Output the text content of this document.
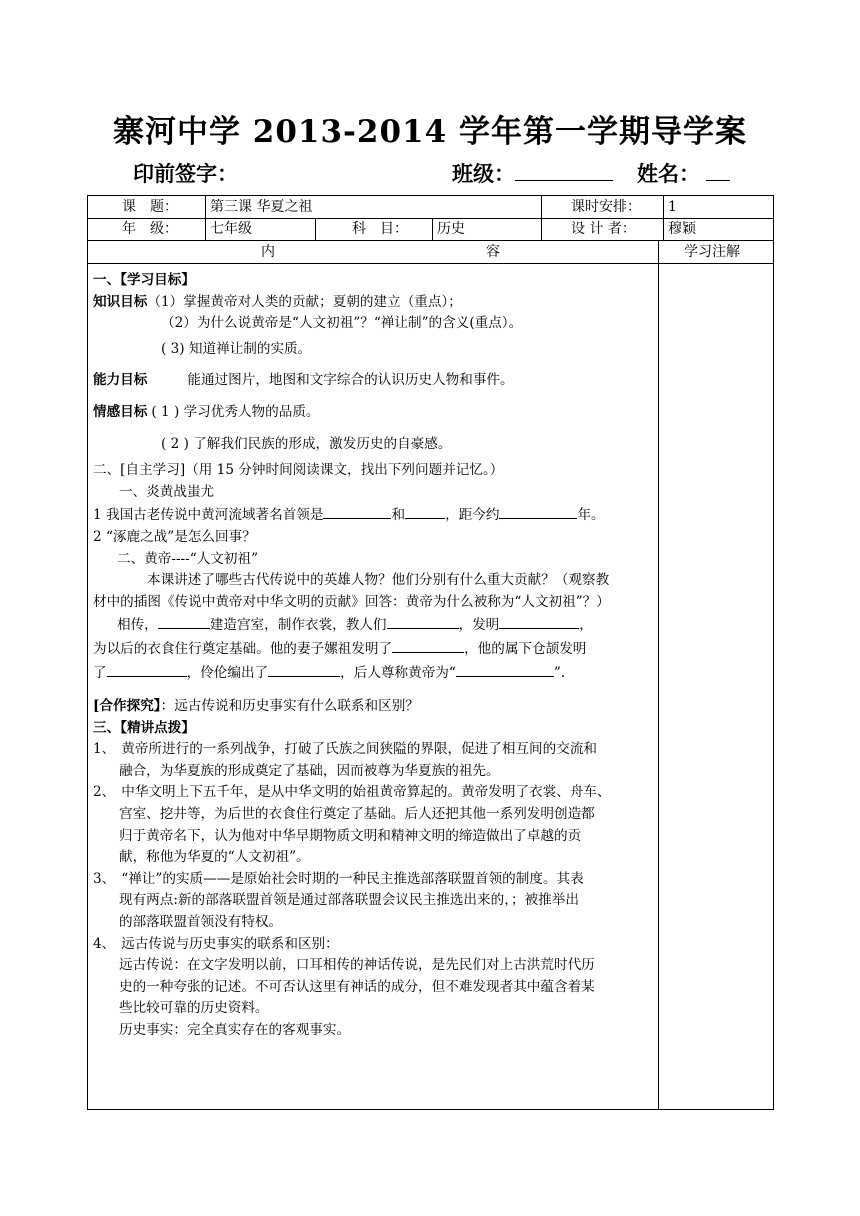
寨河中学 2013-2014 学年第一学期导学案
印前签字：	班级：	姓名：
课　题： 第三课 华夏之祖	课时安排： 1
年　级： 七年级	科　目： 历史	设 计 者： 穆颖
内	容	学习注解

一、【学习目标】

知识目标（1）掌握黄帝对人类的贡献；夏朝的建立（重点）；

（2）为什么说黄帝是“人文初祖”？“禅让制”的含义(重点）。

( 3) 知道禅让制的实质。

能力目标	能通过图片，地图和文字综合的认识历史人物和事件。

情感目标 ( 1 ) 学习优秀人物的品质。

( 2 ) 了解我们民族的形成，激发历史的自豪感。

二、[自主学习]（用 15 分钟时间阅读课文，找出下列问题并记忆。）

一、炎黄战蚩尤

1 我国古老传说中黄河流域著名首领是	和	，距今约	年。

2 “涿鹿之战”是怎么回事？

二、黄帝----“人文初祖”

本课讲述了哪些古代传说中的英雄人物？他们分别有什么重大贡献？（观察教

材中的插图《传说中黄帝对中华文明的贡献》回答：黄帝为什么被称为“人文初祖”？）

相传，	建造宫室，制作衣裳，教人们	，发明	，

为以后的衣食住行奠定基础。他的妻子嫘祖发明了	，他的属下仓颉发明

了	，伶伦编出了	，后人尊称黄帝为“	”.

[合作探究】：远古传说和历史事实有什么联系和区别？

三、【精讲点拨】

1、 黄帝所进行的一系列战争，打破了氏族之间狭隘的界限，促进了相互间的交流和

融合，为华夏族的形成奠定了基础，因而被尊为华夏族的祖先。

2、 中华文明上下五千年，是从中华文明的始祖黄帝算起的。黄帝发明了衣裳、舟车、

宫室、挖井等，为后世的衣食住行奠定了基础。后人还把其他一系列发明创造都

归于黄帝名下，认为他对中华早期物质文明和精神文明的缔造做出了卓越的贡

献，称他为华夏的“人文初祖”。

3、 “禅让”的实质——是原始社会时期的一种民主推选部落联盟首领的制度。其表

现有两点:新的部落联盟首领是通过部落联盟会议民主推选出来的，；被推举出

的部落联盟首领没有特权。

4、 远古传说与历史事实的联系和区别：

远古传说：在文字发明以前，口耳相传的神话传说，是先民们对上古洪荒时代历

史的一种夸张的记述。不可否认这里有神话的成分，但不难发现者其中蕴含着某

些比较可靠的历史资料。

历史事实：完全真实存在的客观事实。
